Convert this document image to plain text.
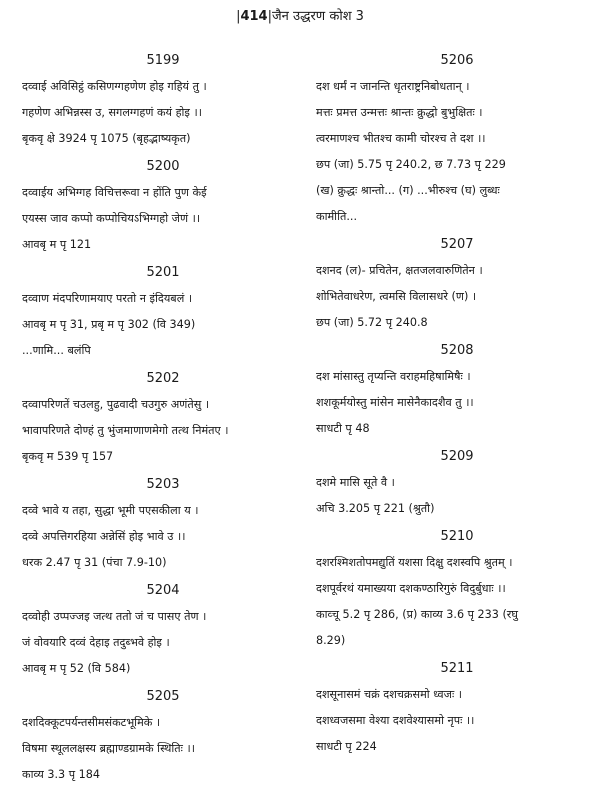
|414|जैन उद्धरण कोश 3
5199
दव्वाई अविसिट्ठं कसिणग्गहणेण होइ गहियं तु ।
गहणेण अभिन्नस्स उ, सगलग्गहणं कयं होइ ।।
बृकवृ क्षे 3924 पृ 1075 (बृहद्भाष्यकृत)
5200
दव्वाईय अभिग्गह विचित्तरूवा न होंति पुण केई
एयस्स जाव कप्पो कप्पोचियऽभिग्गहो जेणं ।।
आवबृ म पृ 121
5201
दव्वाण मंदपरिणामयाए परतो न इंदियबलं ।
आवबृ म पृ 31, प्रबृ म पृ 302 (वि 349)
...णामि... बलंपि
5202
दव्वापरिणतें चउलहु, पुढवादी चउगुरु अणंतेसु ।
भावापरिणते दोण्हं तु भुंजमाणाणमेगो तत्थ निमंतए ।
बृकवृ म 539 पृ 157
5203
दव्वे भावे य तहा, सुद्धा भूमी पएसकीला य ।
दव्वे अपत्तिगरहिया अन्नेसिं होइ भावे उ ।।
धरक 2.47 पृ 31 (पंचा 7.9-10)
5204
दव्वोही उप्पज्जइ जत्थ ततो जं च पासए तेण ।
जं वोवयारि दव्वं देहाइ तदुब्भवे होइ ।
आवबृ म पृ 52 (वि 584)
5205
दशदिक्कूटपर्यन्तसीमसंकटभूमिके ।
विषमा स्थूललक्षस्य ब्रह्माण्डग्रामके स्थितिः ।।
काव्य 3.3 पृ 184
5206
दश धर्मं न जानन्ति धृतराष्ट्रनिबोधतान् ।
मत्तः प्रमत्त उन्मत्तः श्रान्तः क्रुद्धो बुभुक्षितः ।
त्वरमाणश्च भीतश्च कामी चोरश्च ते दश ।।
छप (जा) 5.75 पृ 240.2, छ 7.73 पृ 229
(ख) क्रुद्धः श्रान्तो... (ग) ...भीरुश्च (घ) लुब्धः
कामीति...
5207
दशनद (ल)- प्रचितेन, क्षतजलवारुणितेन ।
शोभितेवाधरेण, त्वमसि विलासधरे (ण) ।
छप (जा) 5.72 पृ 240.8
5208
दश मांसास्तु तृप्यन्ति वराहमहिषामिषैः ।
शशकूर्मयोस्तु मांसेन मासेनैकादशैव तु ।।
साधटी पृ 48
5209
दशमे मासि सूते वै ।
अचि 3.205 पृ 221 (श्रुतौ)
5210
दशरश्मिशतोपमद्युतिं यशसा दिक्षु दशस्वपि श्रुतम् ।
दशपूर्वरथं यमाख्यया दशकण्ठारिगुरुं विदुर्बुधाः ।।
काव्चू 5.2 पृ 286, (प्र) काव्य 3.6 पृ 233 (रघु
8.29)
5211
दशसूनासमं चक्रं दशचक्रसमो ध्वजः ।
दशध्वजसमा वेश्या दशवेश्यासमो नृपः ।।
साधटी पृ 224
